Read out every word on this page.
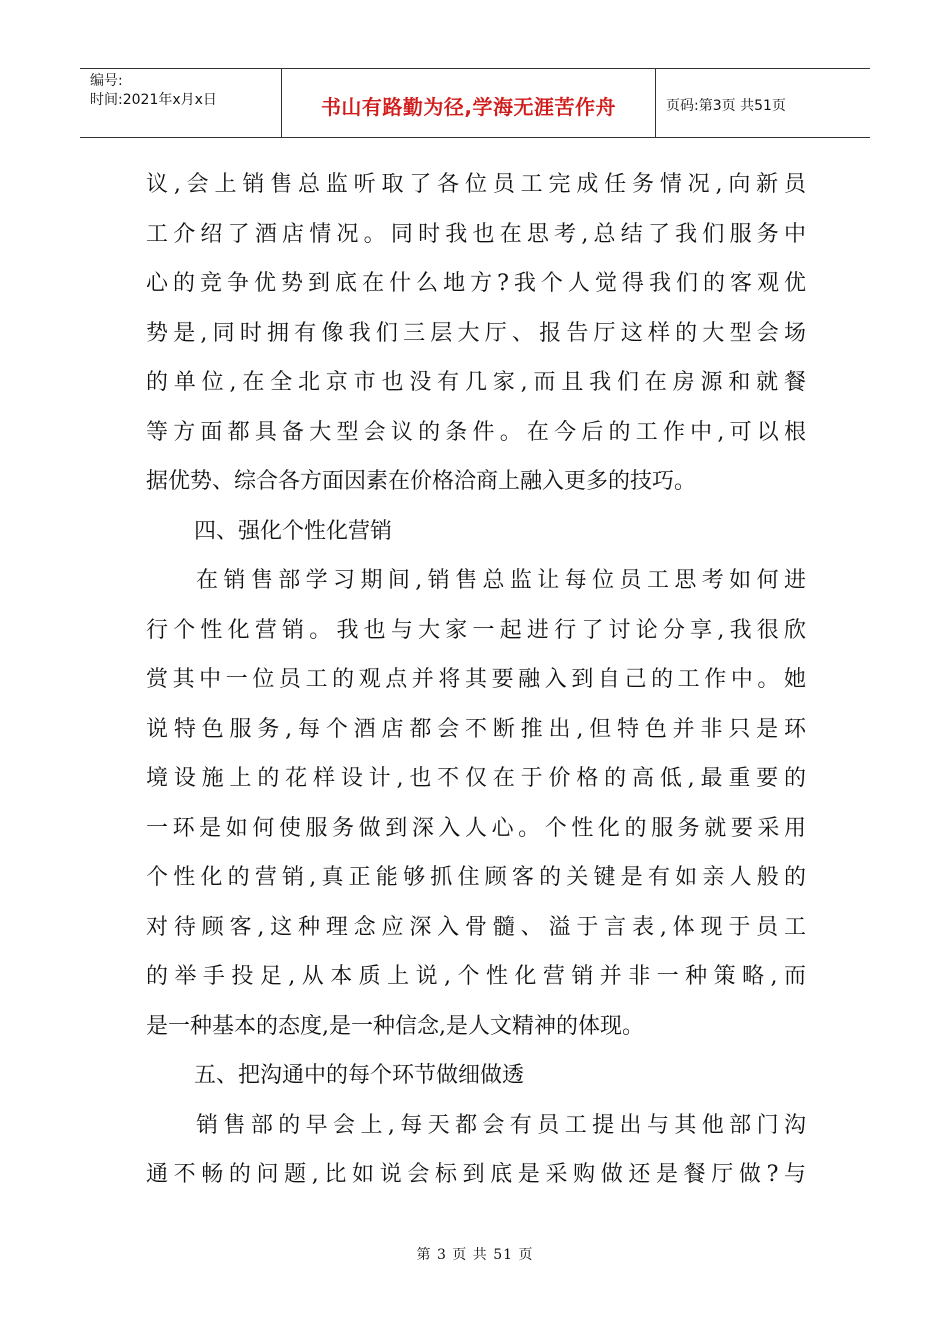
编号:
时间:2021年x月x日	书山有路勤为径,学海无涯苦作舟	页码:第3页 共51页
议,会上销售总监听取了各位员工完成任务情况,向新员
工介绍了酒店情况。同时我也在思考,总结了我们服务中
心的竞争优势到底在什么地方?我个人觉得我们的客观优
势是,同时拥有像我们三层大厅、报告厅这样的大型会场
的单位,在全北京市也没有几家,而且我们在房源和就餐
等方面都具备大型会议的条件。在今后的工作中,可以根
据优势、综合各方面因素在价格洽商上融入更多的技巧。
四、强化个性化营销
在销售部学习期间,销售总监让每位员工思考如何进
行个性化营销。我也与大家一起进行了讨论分享,我很欣
赏其中一位员工的观点并将其要融入到自己的工作中。她
说特色服务,每个酒店都会不断推出,但特色并非只是环
境设施上的花样设计,也不仅在于价格的高低,最重要的
一环是如何使服务做到深入人心。个性化的服务就要采用
个性化的营销,真正能够抓住顾客的关键是有如亲人般的
对待顾客,这种理念应深入骨髓、溢于言表,体现于员工
的举手投足,从本质上说,个性化营销并非一种策略,而
是一种基本的态度,是一种信念,是人文精神的体现。
五、把沟通中的每个环节做细做透
销售部的早会上,每天都会有员工提出与其他部门沟
通不畅的问题,比如说会标到底是采购做还是餐厅做?与
第 3 页 共 51 页
